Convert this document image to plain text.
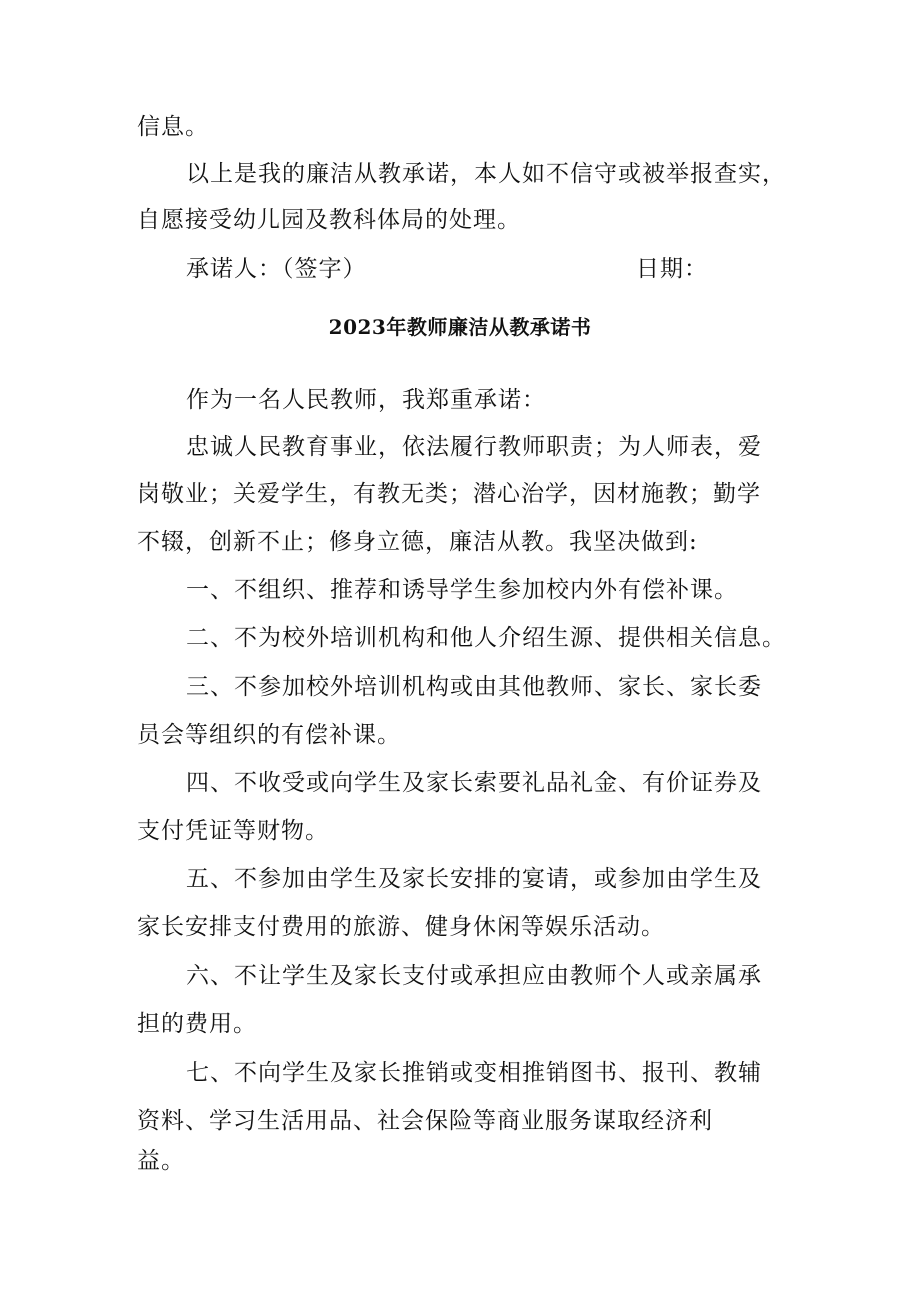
信息。
以上是我的廉洁从教承诺，本人如不信守或被举报查实，
自愿接受幼儿园及教科体局的处理。
承诺人：（签字）	日期：
2023年教师廉洁从教承诺书
作为一名人民教师，我郑重承诺：
忠诚人民教育事业，依法履行教师职责；为人师表，爱
岗敬业；关爱学生，有教无类；潜心治学，因材施教；勤学
不辍，创新不止；修身立德，廉洁从教。我坚决做到:
一、不组织、推荐和诱导学生参加校内外有偿补课。
二、不为校外培训机构和他人介绍生源、提供相关信息。
三、不参加校外培训机构或由其他教师、家长、家长委
员会等组织的有偿补课。
四、不收受或向学生及家长索要礼品礼金、有价证券及
支付凭证等财物。
五、不参加由学生及家长安排的宴请，或参加由学生及
家长安排支付费用的旅游、健身休闲等娱乐活动。
六、不让学生及家长支付或承担应由教师个人或亲属承
担的费用。
七、不向学生及家长推销或变相推销图书、报刊、教辅
资料、学习生活用品、社会保险等商业服务谋取经济利
益。
